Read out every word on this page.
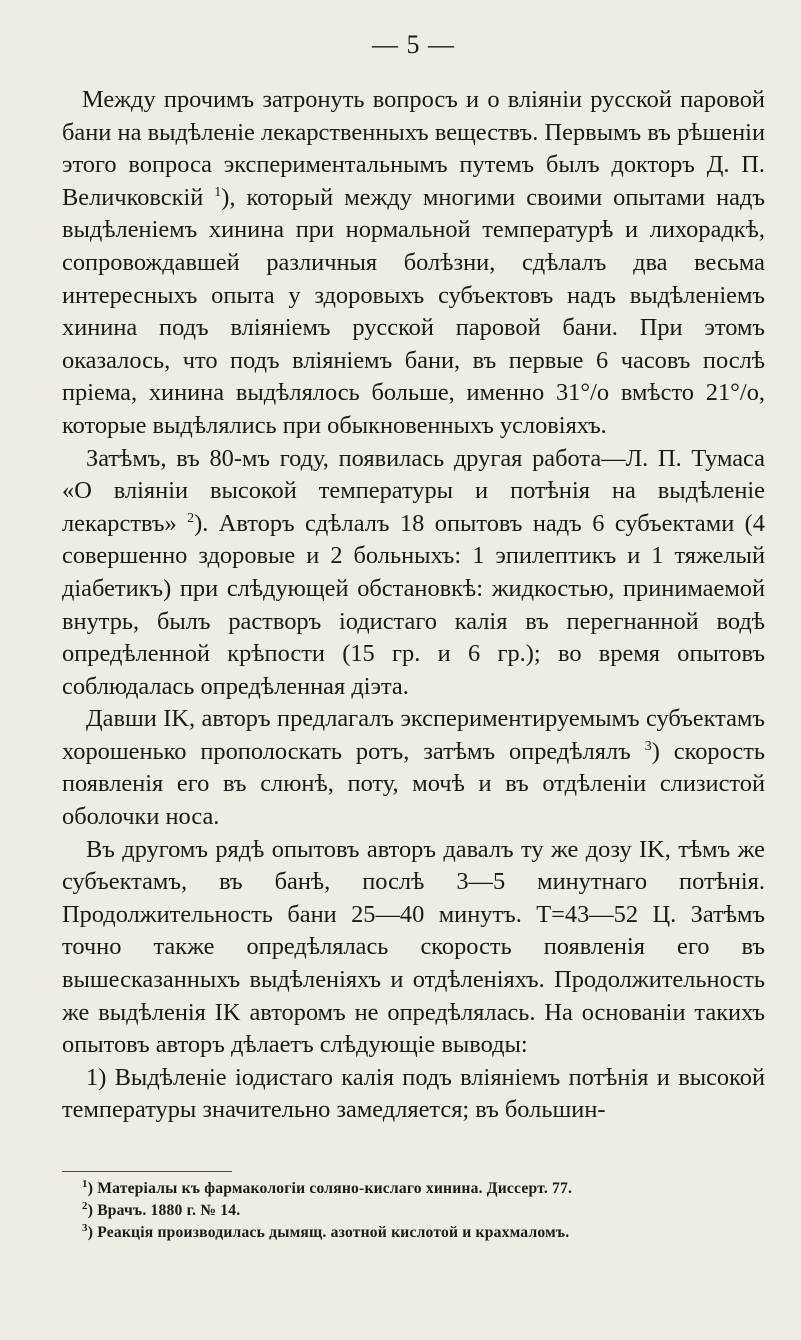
— 5 —

Между прочимъ затронуть вопросъ и о вліяніи русской паровой бани на выдѣленіе лекарственныхъ веществъ. Первымъ въ рѣшеніи этого вопроса экспериментальнымъ путемъ былъ докторъ Д. П. Величковскій $^1$), который между многими своими опытами надъ выдѣленіемъ хинина при нормальной температурѣ и лихорадкѣ, сопровождавшей различныя болѣзни, сдѣлалъ два весьма интересныхъ опыта у здоровыхъ субъектовъ надъ выдѣленіемъ хинина подъ вліяніемъ русской паровой бани. При этомъ оказалось, что подъ вліяніемъ бани, въ первые 6 часовъ послѣ пріема, хинина выдѣлялось больше, именно 31°/о вмѣсто 21°/о, которые выдѣлялись при обыкновенныхъ условіяхъ.

Затѣмъ, въ 80-мъ году, появилась другая работа—Л. П. Тумаса «О вліяніи высокой температуры и потѣнія на выдѣленіе лекарствъ» $^2$). Авторъ сдѣлалъ 18 опытовъ надъ 6 субъектами (4 совершенно здоровые и 2 больныхъ: 1 эпилептикъ и 1 тяжелый діабетикъ) при слѣдующей обстановкѣ: жидкостью, принимаемой внутрь, былъ растворъ іодистаго калія въ перегнанной водѣ опредѣленной крѣпости (15 гр. и 6 гр.); во время опытовъ соблюдалась опредѣленная діэта.

Давши IK, авторъ предлагалъ экспериментируемымъ субъектамъ хорошенько прополоскать ротъ, затѣмъ опредѣлялъ $^3$) скорость появленія его въ слюнѣ, поту, мочѣ и въ отдѣленіи слизистой оболочки носа.

Въ другомъ рядѣ опытовъ авторъ давалъ ту же дозу IK, тѣмъ же субъектамъ, въ банѣ, послѣ 3—5 минутнаго потѣнія. Продолжительность бани 25—40 минутъ. T=43—52 Ц. Затѣмъ точно также опредѣлялась скорость появленія его въ вышесказанныхъ выдѣленіяхъ и отдѣленіяхъ. Продолжительность же выдѣленія IK авторомъ не опредѣлялась. На основаніи такихъ опытовъ авторъ дѣлаетъ слѣдующіе выводы:

1) Выдѣленіе іодистаго калія подъ вліяніемъ потѣнія и высокой температуры значительно замедляется; въ большин-

$^1$) Матеріалы къ фармакологіи соляно-кислаго хинина. Диссерт. 77.
$^2$) Врачъ. 1880 г. № 14.
$^3$) Реакція производилась дымящ. азотной кислотой и крахмаломъ.
